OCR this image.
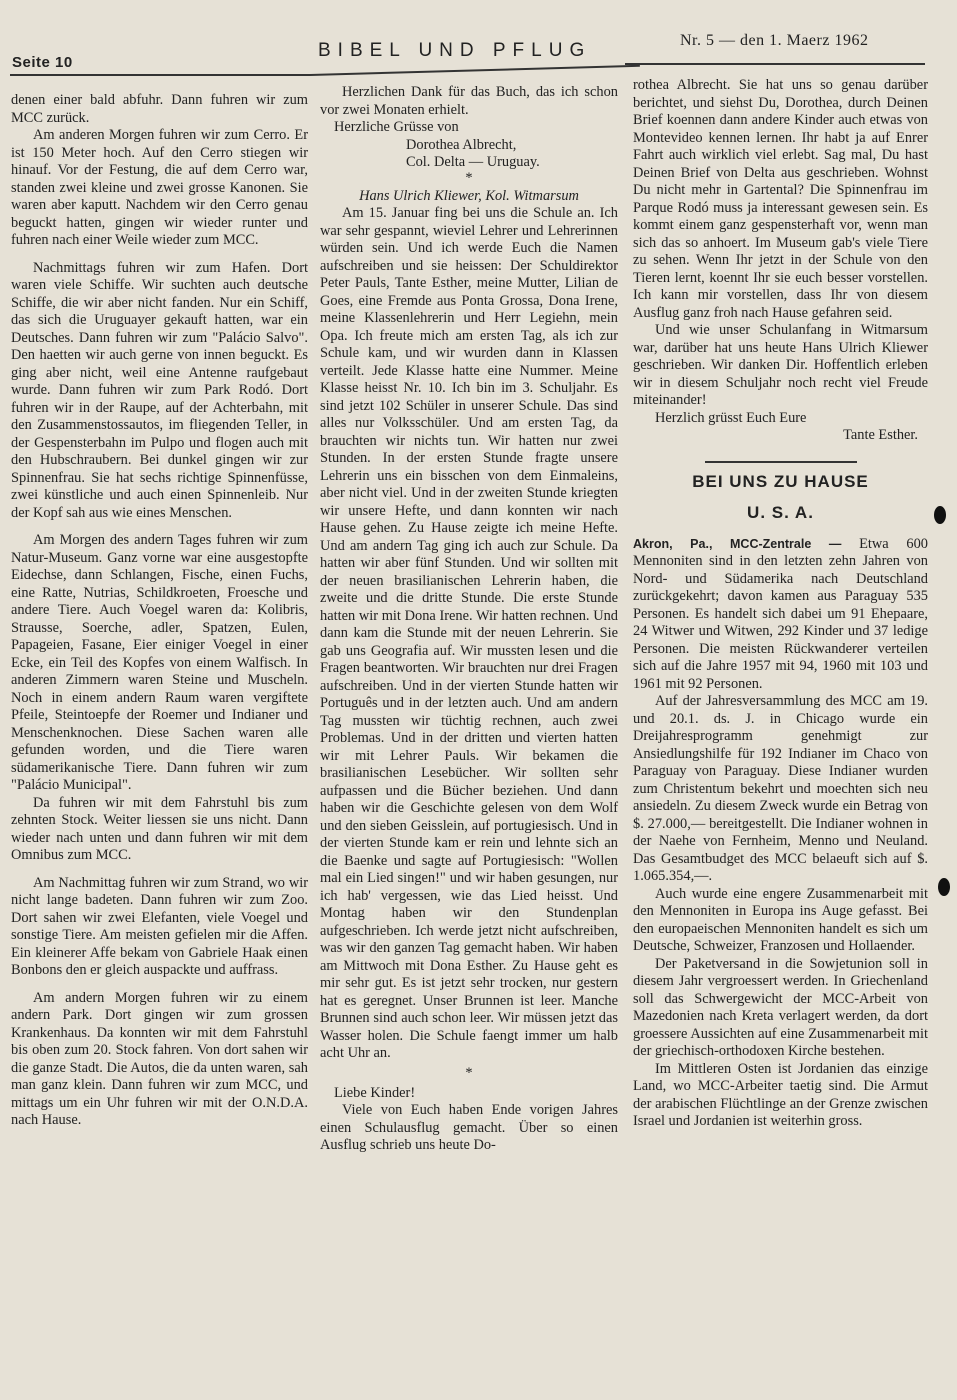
Seite 10
BIBEL UND PFLUG	Nr. 5 — den 1. Maerz 1962

denen einer bald abfuhr. Dann fuhren wir zum MCC zurück.

Am anderen Morgen fuhren wir zum Cerro. Er ist 150 Meter hoch. Auf den Cerro stiegen wir hinauf. Vor der Festung, die auf dem Cerro war, standen zwei kleine und zwei grosse Kanonen. Sie waren aber kaputt. Nachdem wir den Cerro genau beguckt hatten, gingen wir wieder runter und fuhren nach einer Weile wieder zum MCC.

Nachmittags fuhren wir zum Hafen. Dort waren viele Schiffe. Wir suchten auch deutsche Schiffe, die wir aber nicht fanden. Nur ein Schiff, das sich die Uruguayer gekauft hatten, war ein Deutsches. Dann fuhren wir zum "Palácio Salvo". Den haetten wir auch gerne von innen beguckt. Es ging aber nicht, weil eine Antenne raufgebaut wurde. Dann fuhren wir zum Park Rodó. Dort fuhren wir in der Raupe, auf der Achterbahn, mit den Zusammenstossautos, im fliegenden Teller, in der Gespensterbahn im Pulpo und flogen auch mit den Hubschraubern. Bei dunkel gingen wir zur Spinnenfrau. Sie hat sechs richtige Spinnenfüsse, zwei künstliche und auch einen Spinnenleib. Nur der Kopf sah aus wie eines Menschen.

Am Morgen des andern Tages fuhren wir zum Natur-Museum. Ganz vorne war eine ausgestopfte Eidechse, dann Schlangen, Fische, einen Fuchs, eine Ratte, Nutrias, Schildkroeten, Froesche und andere Tiere. Auch Voegel waren da: Kolibris, Strausse, Soerche, adler, Spatzen, Eulen, Papageien, Fasane, Eier einiger Voegel in einer Ecke, ein Teil des Kopfes von einem Walfisch. In anderen Zimmern waren Steine und Muscheln. Noch in einem andern Raum waren vergiftete Pfeile, Steintoepfe der Roemer und Indianer und Menschenknochen. Diese Sachen waren alle gefunden worden, und die Tiere waren südamerikanische Tiere. Dann fuhren wir zum "Palácio Municipal".

Da fuhren wir mit dem Fahrstuhl bis zum zehnten Stock. Weiter liessen sie uns nicht. Dann wieder nach unten und dann fuhren wir mit dem Omnibus zum MCC.

Am Nachmittag fuhren wir zum Strand, wo wir nicht lange badeten. Dann fuhren wir zum Zoo. Dort sahen wir zwei Elefanten, viele Voegel und sonstige Tiere. Am meisten gefielen mir die Affen. Ein kleinerer Affe bekam von Gabriele Haak einen Bonbons den er gleich auspackte und auffrass.

Am andern Morgen fuhren wir zu einem andern Park. Dort gingen wir zum grossen Krankenhaus. Da konnten wir mit dem Fahrstuhl bis oben zum 20. Stock fahren. Von dort sahen wir die ganze Stadt. Die Autos, die da unten waren, sah man ganz klein. Dann fuhren wir zum MCC, und mittags um ein Uhr fuhren wir mit der O.N.D.A. nach Hause.

Herzlichen Dank für das Buch, das ich schon vor zwei Monaten erhielt.

Herzliche Grüsse von

Dorothea Albrecht,

Col. Delta — Uruguay.

*

Hans Ulrich Kliewer, Kol. Witmarsum

Am 15. Januar fing bei uns die Schule an. Ich war sehr gespannt, wieviel Lehrer und Lehrerinnen würden sein. Und ich werde Euch die Namen aufschreiben und sie heissen: Der Schuldirektor Peter Pauls, Tante Esther, meine Mutter, Lilian de Goes, eine Fremde aus Ponta Grossa, Dona Irene, meine Klassenlehrerin und Herr Legiehn, mein Opa. Ich freute mich am ersten Tag, als ich zur Schule kam, und wir wurden dann in Klassen verteilt. Jede Klasse hatte eine Nummer. Meine Klasse heisst Nr. 10. Ich bin im 3. Schuljahr. Es sind jetzt 102 Schüler in unserer Schule. Das sind alles nur Volksschüler. Und am ersten Tag, da brauchten wir nichts tun. Wir hatten nur zwei Stunden. In der ersten Stunde fragte unsere Lehrerin uns ein bisschen von dem Einmaleins, aber nicht viel. Und in der zweiten Stunde kriegten wir unsere Hefte, und dann konnten wir nach Hause gehen. Zu Hause zeigte ich meine Hefte. Und am andern Tag ging ich auch zur Schule. Da hatten wir aber fünf Stunden. Und wir sollten mit der neuen brasilianischen Lehrerin haben, die zweite und die dritte Stunde. Die erste Stunde hatten wir mit Dona Irene. Wir hatten rechnen. Und dann kam die Stunde mit der neuen Lehrerin. Sie gab uns Geografia auf. Wir mussten lesen und die Fragen beantworten. Wir brauchten nur drei Fragen aufschreiben. Und in der vierten Stunde hatten wir Português und in der letzten auch. Und am andern Tag mussten wir tüchtig rechnen, auch zwei Problemas. Und in der dritten und vierten hatten wir mit Lehrer Pauls. Wir bekamen die brasilianischen Lesebücher. Wir sollten sehr aufpassen und die Bücher beziehen. Und dann haben wir die Geschichte gelesen von dem Wolf und den sieben Geisslein, auf portugiesisch. Und in der vierten Stunde kam er rein und lehnte sich an die Baenke und sagte auf Portugiesisch: "Wollen mal ein Lied singen!" und wir haben gesungen, nur ich hab' vergessen, wie das Lied heisst. Und Montag haben wir den Stundenplan aufgeschrieben. Ich werde jetzt nicht aufschreiben, was wir den ganzen Tag gemacht haben. Wir haben am Mittwoch mit Dona Esther. Zu Hause geht es mir sehr gut. Es ist jetzt sehr trocken, nur gestern hat es geregnet. Unser Brunnen ist leer. Manche Brunnen sind auch schon leer. Wir müssen jetzt das Wasser holen. Die Schule faengt immer um halb acht Uhr an.

*

Liebe Kinder!

Viele von Euch haben Ende vorigen Jahres einen Schulausflug gemacht. Über so einen Ausflug schrieb uns heute Do-

rothea Albrecht. Sie hat uns so genau darüber berichtet, und siehst Du, Dorothea, durch Deinen Brief koennen dann andere Kinder auch etwas von Montevideo kennen lernen. Ihr habt ja auf Enrer Fahrt auch wirklich viel erlebt. Sag mal, Du hast Deinen Brief von Delta aus geschrieben. Wohnst Du nicht mehr in Gartental? Die Spinnenfrau im Parque Rodó muss ja interessant gewesen sein. Es kommt einem ganz gespensterhaft vor, wenn man sich das so anhoert. Im Museum gab's viele Tiere zu sehen. Wenn Ihr jetzt in der Schule von den Tieren lernt, koennt Ihr sie euch besser vorstellen. Ich kann mir vorstellen, dass Ihr von diesem Ausflug ganz froh nach Hause gefahren seid.

Und wie unser Schulanfang in Witmarsum war, darüber hat uns heute Hans Ulrich Kliewer geschrieben. Wir danken Dir. Hoffentlich erleben wir in diesem Schuljahr noch recht viel Freude miteinander!

Herzlich grüsst Euch Eure

Tante Esther.

BEI UNS ZU HAUSE

U. S. A.

Akron, Pa., MCC-Zentrale — Etwa 600 Mennoniten sind in den letzten zehn Jahren von Nord- und Südamerika nach Deutschland zurückgekehrt; davon kamen aus Paraguay 535 Personen. Es handelt sich dabei um 91 Ehepaare, 24 Witwer und Witwen, 292 Kinder und 37 ledige Personen. Die meisten Rückwanderer verteilen sich auf die Jahre 1957 mit 94, 1960 mit 103 und 1961 mit 92 Personen.

Auf der Jahresversammlung des MCC am 19. und 20.1. ds. J. in Chicago wurde ein Dreijahresprogramm genehmigt zur Ansiedlungshilfe für 192 Indianer im Chaco von Paraguay von Paraguay. Diese Indianer wurden zum Christentum bekehrt und moechten sich neu ansiedeln. Zu diesem Zweck wurde ein Betrag von $. 27.000,— bereitgestellt. Die Indianer wohnen in der Naehe von Fernheim, Menno und Neuland. Das Gesamtbudget des MCC belaeuft sich auf $. 1.065.354,—.

Auch wurde eine engere Zusammenarbeit mit den Mennoniten in Europa ins Auge gefasst. Bei den europaeischen Mennoniten handelt es sich um Deutsche, Schweizer, Franzosen und Hollaender.

Der Paketversand in die Sowjetunion soll in diesem Jahr vergroessert werden. In Griechenland soll das Schwergewicht der MCC-Arbeit von Mazedonien nach Kreta verlagert werden, da dort groessere Aussichten auf eine Zusammenarbeit mit der griechisch-orthodoxen Kirche bestehen.

Im Mittleren Osten ist Jordanien das einzige Land, wo MCC-Arbeiter taetig sind. Die Armut der arabischen Flüchtlinge an der Grenze zwischen Israel und Jordanien ist weiterhin gross.
